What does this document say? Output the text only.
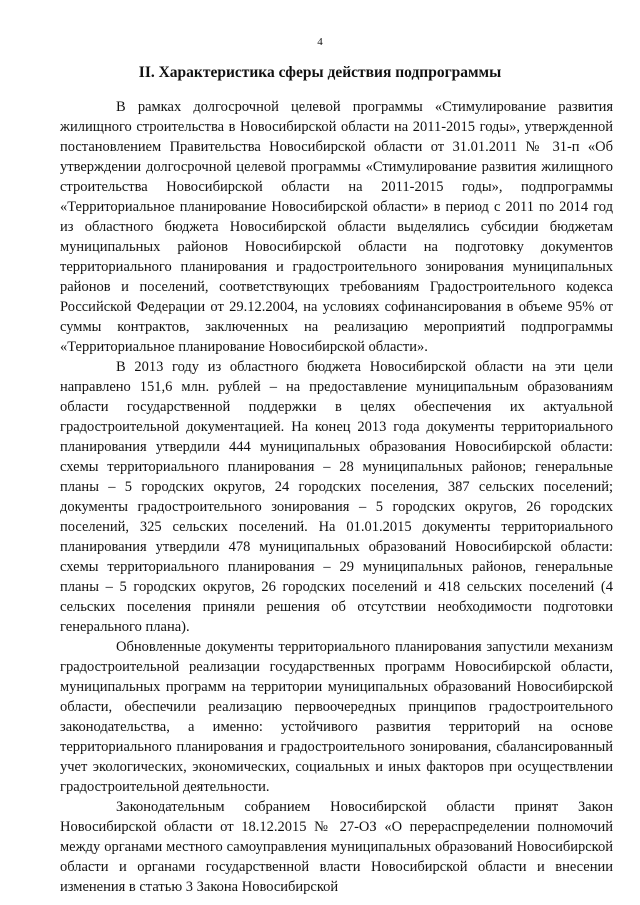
4
II. Характеристика сферы действия подпрограммы

В рамках долгосрочной целевой программы «Стимулирование развития жилищного строительства в Новосибирской области на 2011-2015 годы», утвержденной постановлением Правительства Новосибирской области от 31.01.2011 № 31-п «Об утверждении долгосрочной целевой программы «Стимулирование развития жилищного строительства Новосибирской области на 2011-2015 годы», подпрограммы «Территориальное планирование Новосибирской области» в период с 2011 по 2014 год из областного бюджета Новосибирской области выделялись субсидии бюджетам муниципальных районов Новосибирской области на подготовку документов территориального планирования и градостроительного зонирования муниципальных районов и поселений, соответствующих требованиям Градостроительного кодекса Российской Федерации от 29.12.2004, на условиях софинансирования в объеме 95% от суммы контрактов, заключенных на реализацию мероприятий подпрограммы «Территориальное планирование Новосибирской области».

В 2013 году из областного бюджета Новосибирской области на эти цели направлено 151,6 млн. рублей – на предоставление муниципальным образованиям области государственной поддержки в целях обеспечения их актуальной градостроительной документацией. На конец 2013 года документы территориального планирования утвердили 444 муниципальных образования Новосибирской области: схемы территориального планирования – 28 муниципальных районов; генеральные планы – 5 городских округов, 24 городских поселения, 387 сельских поселений; документы градостроительного зонирования – 5 городских округов, 26 городских поселений, 325 сельских поселений. На 01.01.2015 документы территориального планирования утвердили 478 муниципальных образований Новосибирской области: схемы территориального планирования – 29 муниципальных районов, генеральные планы – 5 городских округов, 26 городских поселений и 418 сельских поселений (4 сельских поселения приняли решения об отсутствии необходимости подготовки генерального плана).

Обновленные документы территориального планирования запустили механизм градостроительной реализации государственных программ Новосибирской области, муниципальных программ на территории муниципальных образований Новосибирской области, обеспечили реализацию первоочередных принципов градостроительного законодательства, а именно: устойчивого развития территорий на основе территориального планирования и градостроительного зонирования, сбалансированный учет экологических, экономических, социальных и иных факторов при осуществлении градостроительной деятельности.

Законодательным собранием Новосибирской области принят Закон Новосибирской области от 18.12.2015 № 27-ОЗ «О перераспределении полномочий между органами местного самоуправления муниципальных образований Новосибирской области и органами государственной власти Новосибирской области и внесении изменения в статью 3 Закона Новосибирской
